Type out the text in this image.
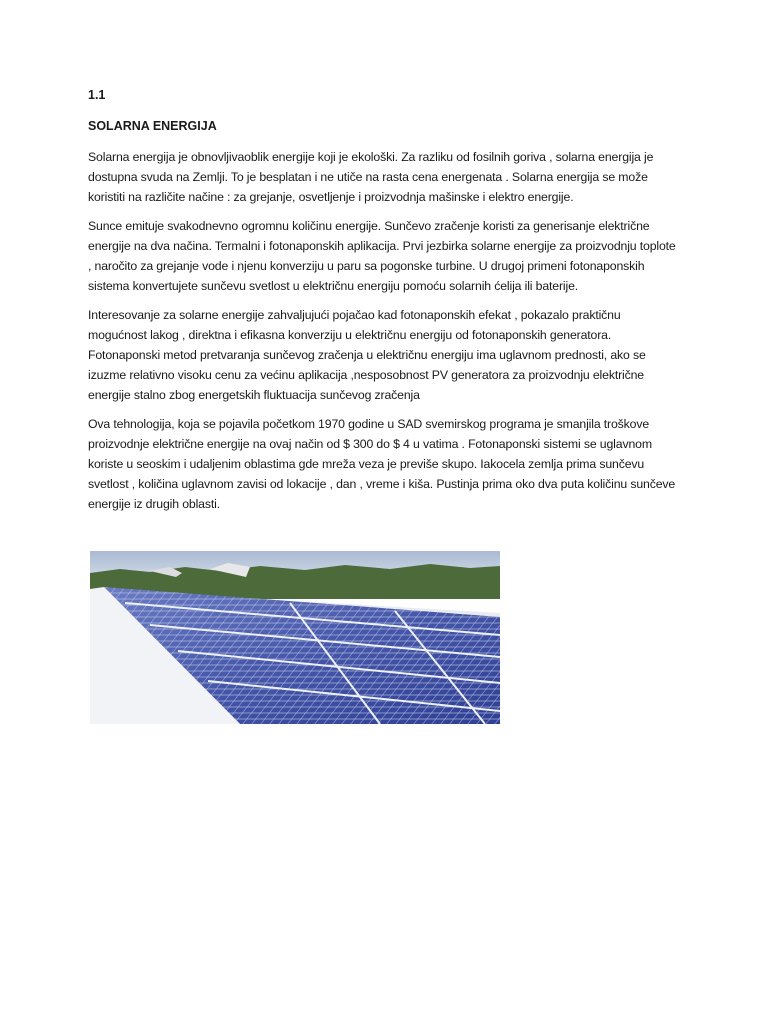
1.1
SOLARNA ENERGIJA

Solarna energija je obnovljivaoblik energije koji je ekološki. Za razliku od fosilnih goriva , solarna energija je dostupna svuda na Zemlji. To je besplatan i ne utiče na rasta cena energenata . Solarna energija se može koristiti na različite načine : za grejanje, osvetljenje i proizvodnja mašinske i elektro energije.

Sunce emituje svakodnevno ogromnu količinu energije. Sunčevo zračenje koristi za generisanje električne energije na dva načina. Termalni i fotonaponskih aplikacija. Prvi jezbirka solarne energije za proizvodnju toplote , naročito za grejanje vode i njenu konverziju u paru sa pogonske turbine. U drugoj primeni fotonaponskih sistema konvertujete sunčevu svetlost u električnu energiju pomoću solarnih ćelija ili baterije.

Interesovanje za solarne energije zahvaljujući pojačao kad fotonaponskih efekat , pokazalo praktičnu mogućnost lakog , direktna i efikasna konverziju u električnu energiju od fotonaponskih generatora. Fotonaponski metod pretvaranja sunčevog zračenja u električnu energiju ima uglavnom prednosti, ako se izuzme relativno visoku cenu za većinu aplikacija ,nesposobnost PV generatora za proizvodnju električne energije stalno zbog energetskih fluktuacija sunčevog zračenja

Ova tehnologija, koja se pojavila početkom 1970 godine u SAD svemirskog programa je smanjila troškove proizvodnje električne energije na ovaj način od $ 300 do $ 4 u vatima . Fotonaponski sistemi se uglavnom koriste u seoskim i udaljenim oblastima gde mreža veza je previše skupo. Iakocela zemlja prima sunčevu svetlost , količina uglavnom zavisi od lokacije , dan , vreme i kiša. Pustinja prima oko dva puta količinu sunčeve energije iz drugih oblasti.
